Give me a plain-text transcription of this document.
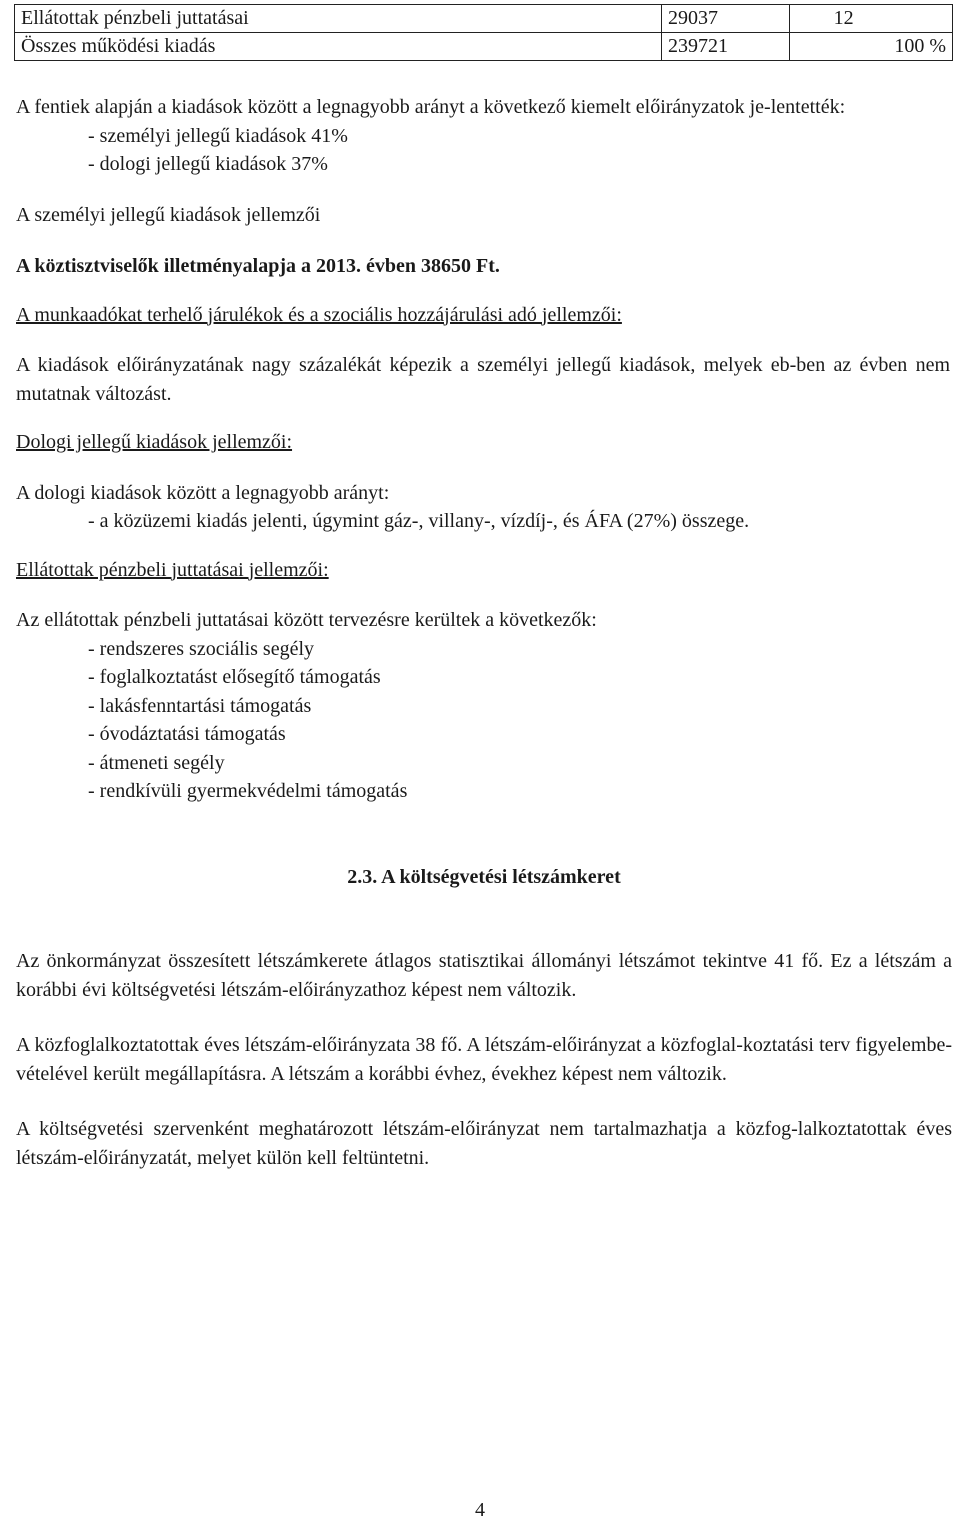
Ellátottak pénzbeli juttatásai	29037	12
Összes működési kiadás	239721	100 %

A fentiek alapján a kiadások között a legnagyobb arányt a következő kiemelt előirányzatok je-lentették:

- személyi jellegű kiadások 41%

- dologi jellegű kiadások 37%

A személyi jellegű kiadások jellemzői

A köztisztviselők illetményalapja a 2013. évben 38650 Ft.

A munkaadókat terhelő járulékok és a szociális hozzájárulási adó jellemzői:

A kiadások előirányzatának nagy százalékát képezik a személyi jellegű kiadások, melyek eb-ben az évben nem mutatnak változást.

Dologi jellegű kiadások jellemzői:

A dologi kiadások között a legnagyobb arányt:

- a közüzemi kiadás jelenti, úgymint gáz-, villany-, vízdíj-, és ÁFA (27%) összege.

Ellátottak pénzbeli juttatásai jellemzői:

Az ellátottak pénzbeli juttatásai között tervezésre kerültek a következők:

- rendszeres szociális segély

- foglalkoztatást elősegítő támogatás

- lakásfenntartási támogatás

- óvodáztatási támogatás

- átmeneti segély

- rendkívüli gyermekvédelmi támogatás

2.3. A költségvetési létszámkeret

Az önkormányzat összesített létszámkerete átlagos statisztikai állományi létszámot tekintve 41 fő. Ez a létszám a korábbi évi költségvetési létszám-előirányzathoz képest nem változik.

A közfoglalkoztatottak éves létszám-előirányzata 38 fő. A létszám-előirányzat a közfoglal-koztatási terv figyelembe-vételével került megállapításra. A létszám a korábbi évhez, évekhez képest nem változik.

A költségvetési szervenként meghatározott létszám-előirányzat nem tartalmazhatja a közfog-lalkoztatottak éves létszám-előirányzatát, melyet külön kell feltüntetni.

4
